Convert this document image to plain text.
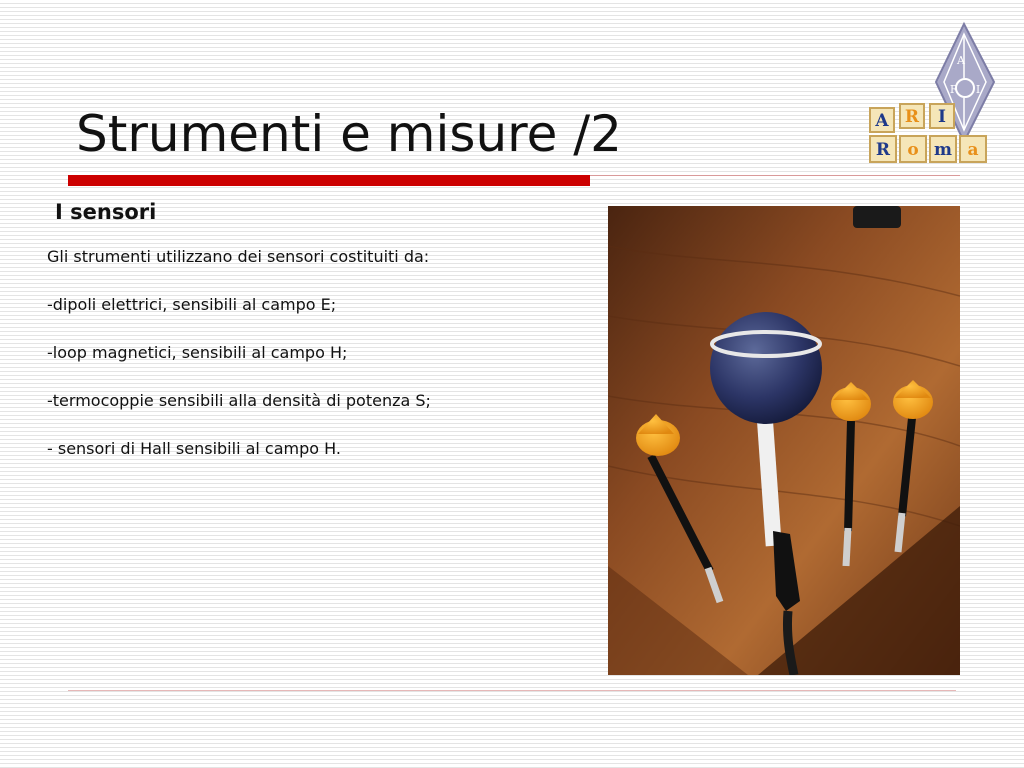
Strumenti e misure /2
A
R I
A R I
R o m a
I sensori

Gli strumenti utilizzano dei sensori costituiti da:

-dipoli elettrici, sensibili al campo E;

-loop magnetici, sensibili al campo H;

-termocoppie sensibili alla densità di potenza S;

- sensori di Hall sensibili al campo H.
